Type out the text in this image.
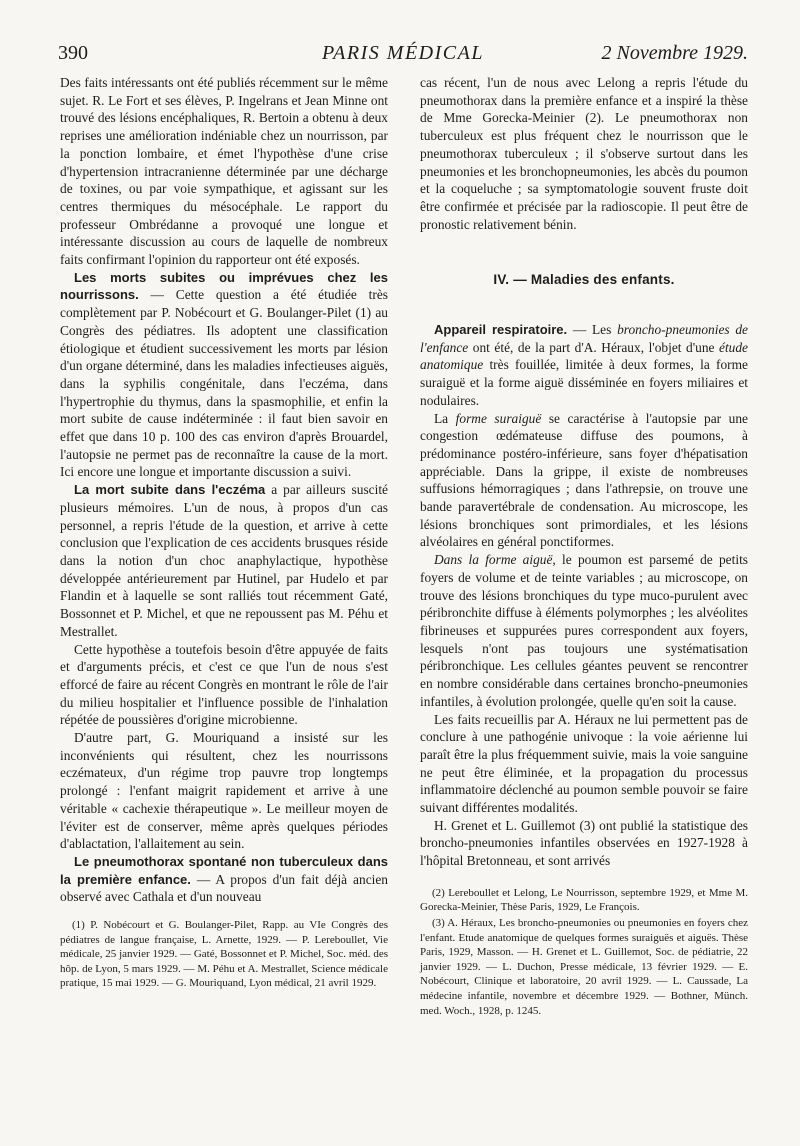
390	PARIS MÉDICAL	2 Novembre 1929.

Des faits intéressants ont été publiés récemment sur le même sujet. R. Le Fort et ses élèves, P. Ingelrans et Jean Minne ont trouvé des lésions encéphaliques, R. Bertoin a obtenu à deux reprises une amélioration indéniable chez un nourrisson, par la ponction lombaire, et émet l'hypothèse d'une crise d'hypertension intracranienne déterminée par une décharge de toxines, ou par voie sympathique, et agissant sur les centres thermiques du mésocéphale. Le rapport du professeur Ombrédanne a provoqué une longue et intéressante discussion au cours de laquelle de nombreux faits confirmant l'opinion du rapporteur ont été exposés.

Les morts subites ou imprévues chez les nourrissons. — Cette question a été étudiée très complètement par P. Nobécourt et G. Boulanger-Pilet (1) au Congrès des pédiatres. Ils adoptent une classification étiologique et étudient successivement les morts par lésion d'un organe déterminé, dans les maladies infectieuses aiguës, dans la syphilis congénitale, dans l'eczéma, dans l'hypertrophie du thymus, dans la spasmophilie, et enfin la mort subite de cause indéterminée : il faut bien savoir en effet que dans 10 p. 100 des cas environ d'après Brouardel, l'autopsie ne permet pas de reconnaître la cause de la mort. Ici encore une longue et importante discussion a suivi.

La mort subite dans l'eczéma a par ailleurs suscité plusieurs mémoires. L'un de nous, à propos d'un cas personnel, a repris l'étude de la question, et arrive à cette conclusion que l'explication de ces accidents brusques réside dans la notion d'un choc anaphylactique, hypothèse développée antérieurement par Hutinel, par Hudelo et par Flandin et à laquelle se sont ralliés tout récemment Gaté, Bossonnet et P. Michel, et que ne repoussent pas M. Péhu et Mestrallet.

Cette hypothèse a toutefois besoin d'être appuyée de faits et d'arguments précis, et c'est ce que l'un de nous s'est efforcé de faire au récent Congrès en montrant le rôle de l'air du milieu hospitalier et l'influence possible de l'inhalation répétée de poussières d'origine microbienne.

D'autre part, G. Mouriquand a insisté sur les inconvénients qui résultent, chez les nourrissons eczémateux, d'un régime trop pauvre trop longtemps prolongé : l'enfant maigrit rapidement et arrive à une véritable « cachexie thérapeutique ». Le meilleur moyen de l'éviter est de conserver, même après quelques périodes d'ablactation, l'allaitement au sein.

Le pneumothorax spontané non tuberculeux dans la première enfance. — A propos d'un fait déjà ancien observé avec Cathala et d'un nouveau

(1) P. Nobécourt et G. Boulanger-Pilet, Rapp. au VIe Congrès des pédiatres de langue française, L. Arnette, 1929. — P. Lereboullet, Vie médicale, 25 janvier 1929. — Gaté, Bossonnet et P. Michel, Soc. méd. des hôp. de Lyon, 5 mars 1929. — M. Péhu et A. Mestrallet, Science médicale pratique, 15 mai 1929. — G. Mouriquand, Lyon médical, 21 avril 1929.

cas récent, l'un de nous avec Lelong a repris l'étude du pneumothorax dans la première enfance et a inspiré la thèse de Mme Gorecka-Meinier (2). Le pneumothorax non tuberculeux est plus fréquent chez le nourrisson que le pneumothorax tuberculeux ; il s'observe surtout dans les pneumonies et les bronchopneumonies, les abcès du poumon et la coqueluche ; sa symptomatologie souvent fruste doit être confirmée et précisée par la radioscopie. Il peut être de pronostic relativement bénin.

IV. — Maladies des enfants.

Appareil respiratoire. — Les broncho-pneumonies de l'enfance ont été, de la part d'A. Héraux, l'objet d'une étude anatomique très fouillée, limitée à deux formes, la forme suraiguë et la forme aiguë disséminée en foyers miliaires et nodulaires.

La forme suraiguë se caractérise à l'autopsie par une congestion œdémateuse diffuse des poumons, à prédominance postéro-inférieure, sans foyer d'hépatisation appréciable. Dans la grippe, il existe de nombreuses suffusions hémorragiques ; dans l'athrepsie, on trouve une bande paravertébrale de condensation. Au microscope, les lésions bronchiques sont primordiales, et les lésions alvéolaires en général ponctiformes.

Dans la forme aiguë, le poumon est parsemé de petits foyers de volume et de teinte variables ; au microscope, on trouve des lésions bronchiques du type muco-purulent avec péribronchite diffuse à éléments polymorphes ; les alvéolites fibrineuses et suppurées pures correspondent aux foyers, lesquels n'ont pas toujours une systématisation péribronchique. Les cellules géantes peuvent se rencontrer en nombre considérable dans certaines broncho-pneumonies infantiles, à évolution prolongée, quelle qu'en soit la cause.

Les faits recueillis par A. Héraux ne lui permettent pas de conclure à une pathogénie univoque : la voie aérienne lui paraît être la plus fréquemment suivie, mais la voie sanguine ne peut être éliminée, et la propagation du processus inflammatoire déclenché au poumon semble pouvoir se faire suivant différentes modalités.

H. Grenet et L. Guillemot (3) ont publié la statistique des broncho-pneumonies infantiles observées en 1927-1928 à l'hôpital Bretonneau, et sont arrivés

(2) Lereboullet et Lelong, Le Nourrisson, septembre 1929, et Mme M. Gorecka-Meinier, Thèse Paris, 1929, Le François.

(3) A. Héraux, Les broncho-pneumonies ou pneumonies en foyers chez l'enfant. Etude anatomique de quelques formes suraiguës et aiguës. Thèse Paris, 1929, Masson. — H. Grenet et L. Guillemot, Soc. de pédiatrie, 22 janvier 1929. — L. Duchon, Presse médicale, 13 février 1929. — E. Nobécourt, Clinique et laboratoire, 20 avril 1929. — L. Caussade, La médecine infantile, novembre et décembre 1929. — Bothner, Münch. med. Woch., 1928, p. 1245.
